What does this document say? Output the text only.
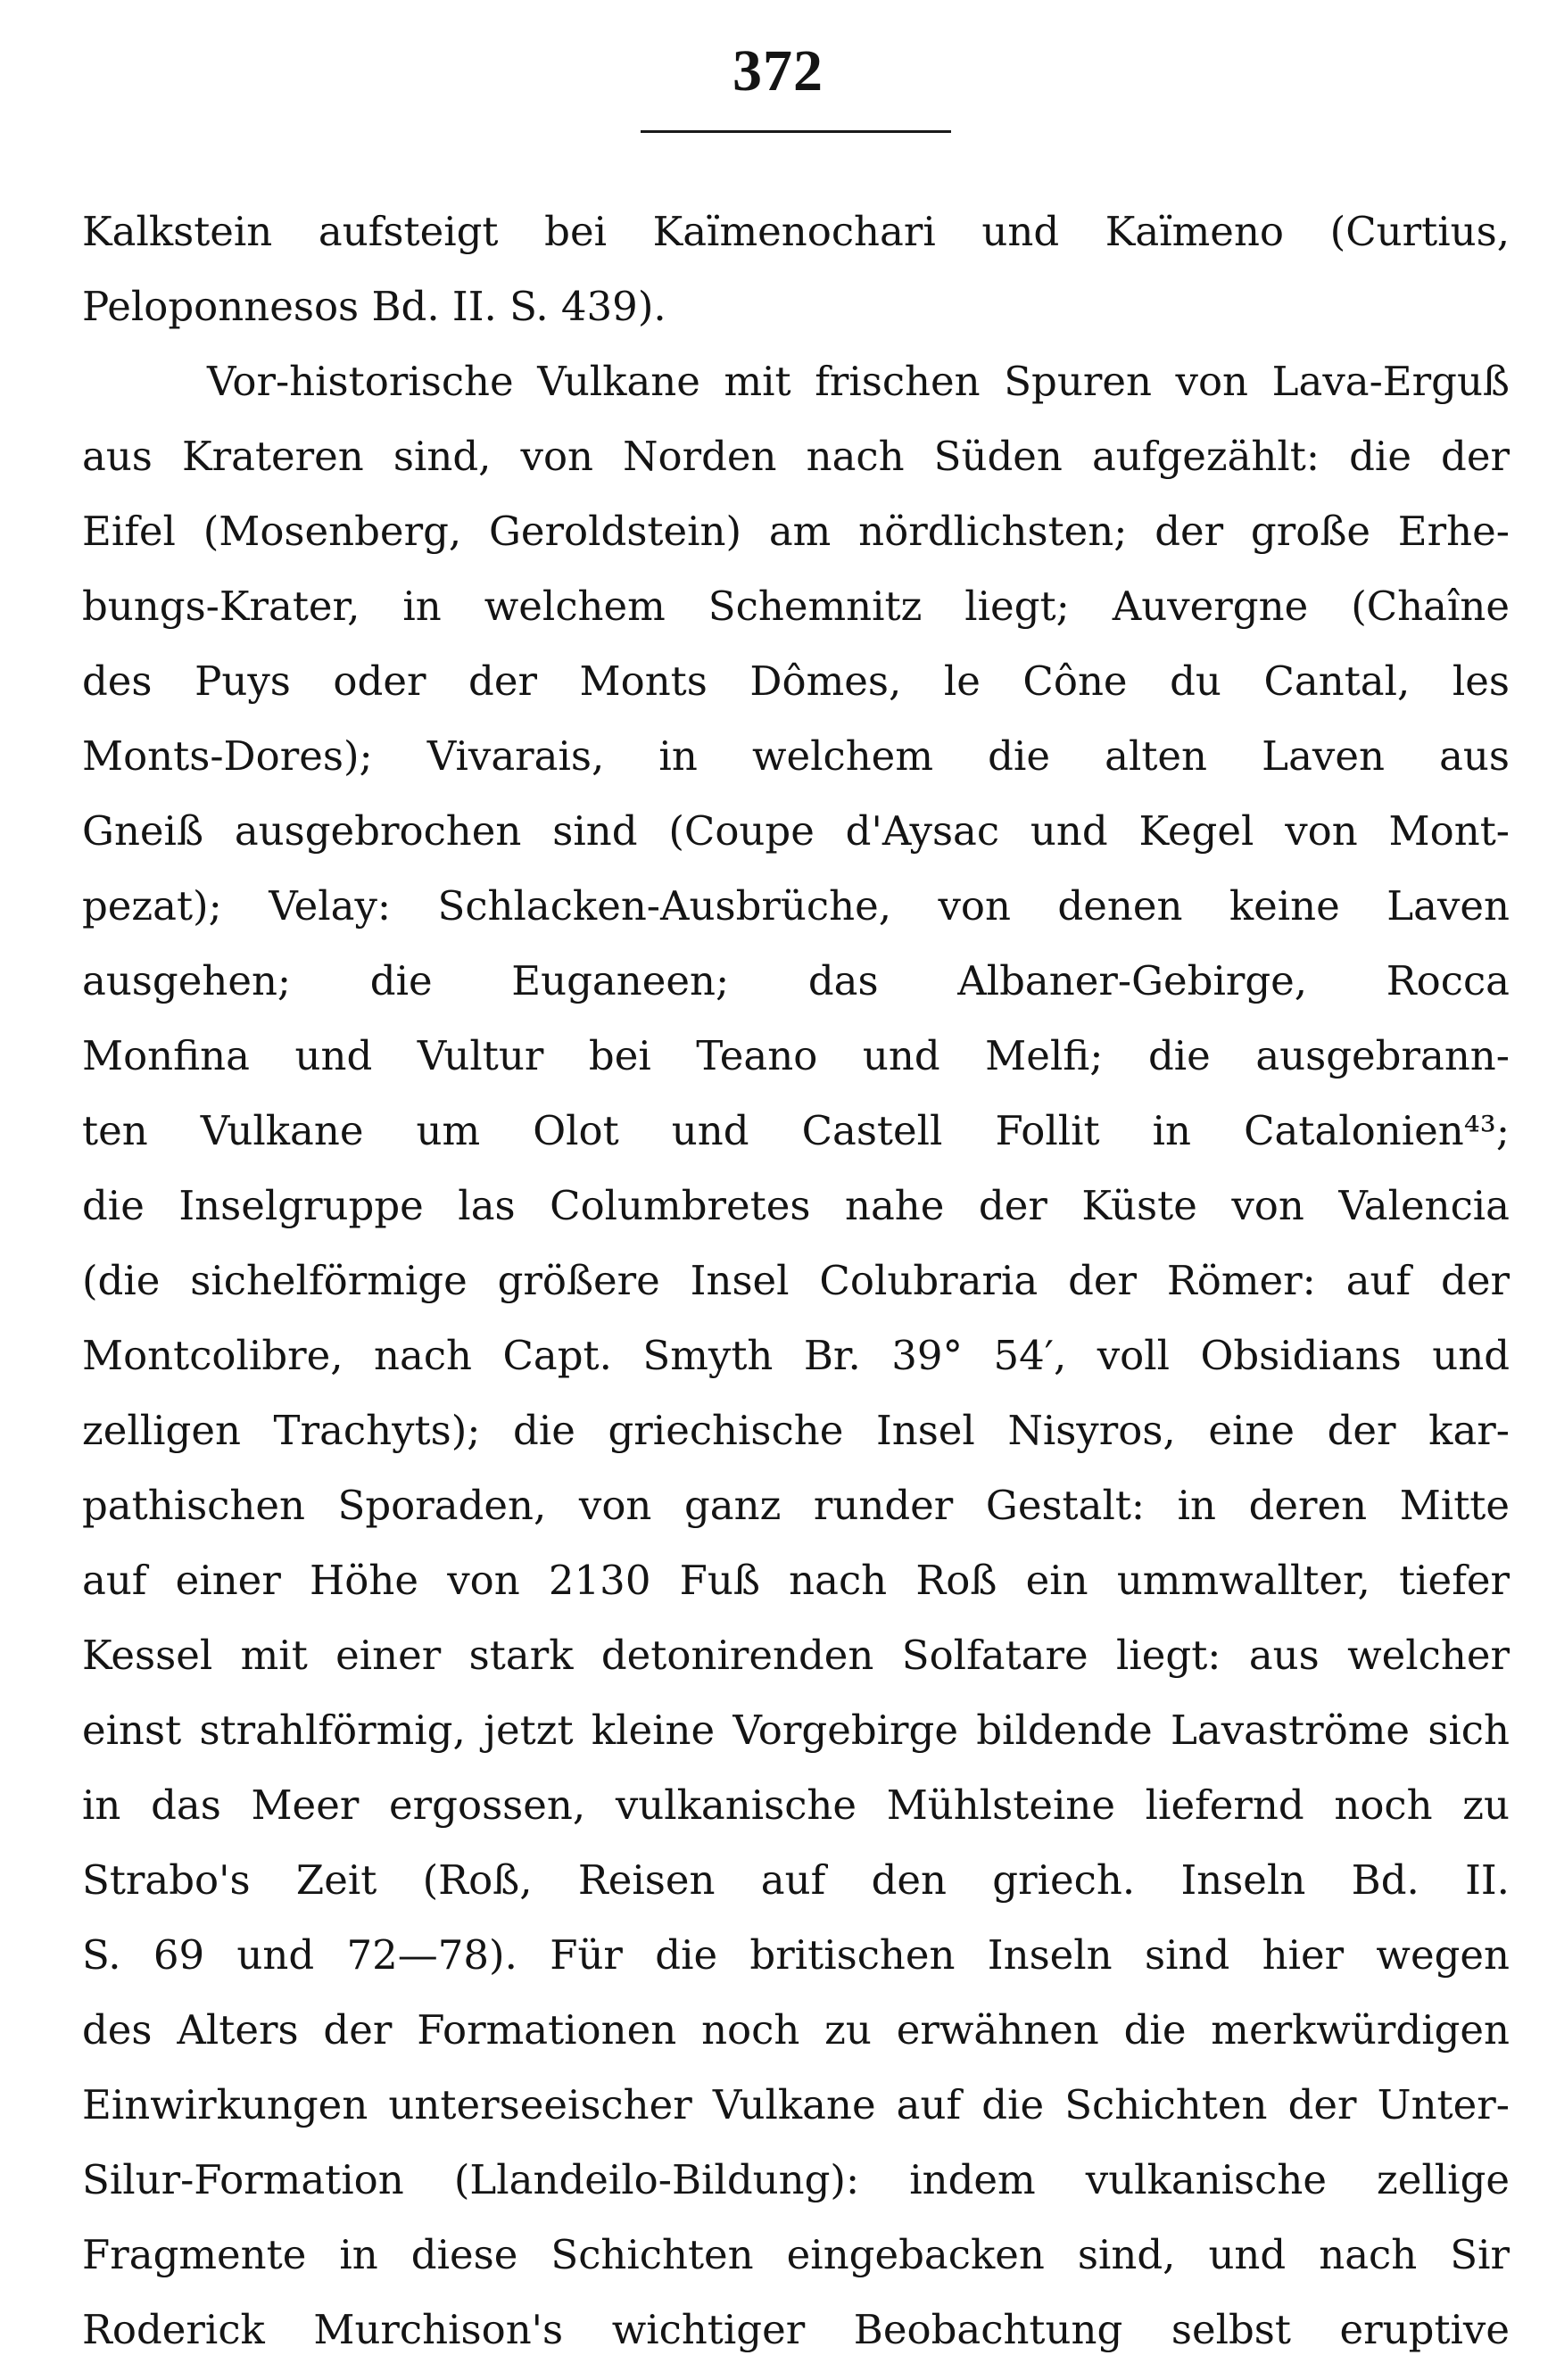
372
Kalkstein aufsteigt bei Kaïmenochari und Kaïmeno (Curtius,
Peloponnesos Bd. II. S. 439).
Vor-historische Vulkane mit frischen Spuren von Lava-Erguß
aus Krateren sind, von Norden nach Süden aufgezählt: die der
Eifel (Mosenberg, Geroldstein) am nördlichsten; der große Erhe-
bungs-Krater, in welchem Schemnitz liegt; Auvergne (Chaîne
des Puys oder der Monts Dômes, le Cône du Cantal, les
Monts-Dores); Vivarais, in welchem die alten Laven aus
Gneiß ausgebrochen sind (Coupe d'Aysac und Kegel von Mont-
pezat); Velay: Schlacken-Ausbrüche, von denen keine Laven
ausgehen; die Euganeen; das Albaner-Gebirge, Rocca
Monfina und Vultur bei Teano und Melfi; die ausgebrann-
ten Vulkane um Olot und Castell Follit in Catalonien⁴³;
die Inselgruppe las Columbretes nahe der Küste von Valencia
(die sichelförmige größere Insel Colubraria der Römer: auf der
Montcolibre, nach Capt. Smyth Br. 39° 54′, voll Obsidians und
zelligen Trachyts); die griechische Insel Nisyros, eine der kar-
pathischen Sporaden, von ganz runder Gestalt: in deren Mitte
auf einer Höhe von 2130 Fuß nach Roß ein ummwallter, tiefer
Kessel mit einer stark detonirenden Solfatare liegt: aus welcher
einst strahlförmig, jetzt kleine Vorgebirge bildende Lavaströme sich
in das Meer ergossen, vulkanische Mühlsteine liefernd noch zu
Strabo's Zeit (Roß, Reisen auf den griech. Inseln Bd. II.
S. 69 und 72—78). Für die britischen Inseln sind hier wegen
des Alters der Formationen noch zu erwähnen die merkwürdigen
Einwirkungen unterseeischer Vulkane auf die Schichten der Unter-
Silur-Formation (Llandeilo-Bildung): indem vulkanische zellige
Fragmente in diese Schichten eingebacken sind, und nach Sir
Roderick Murchison's wichtiger Beobachtung selbst eruptive
